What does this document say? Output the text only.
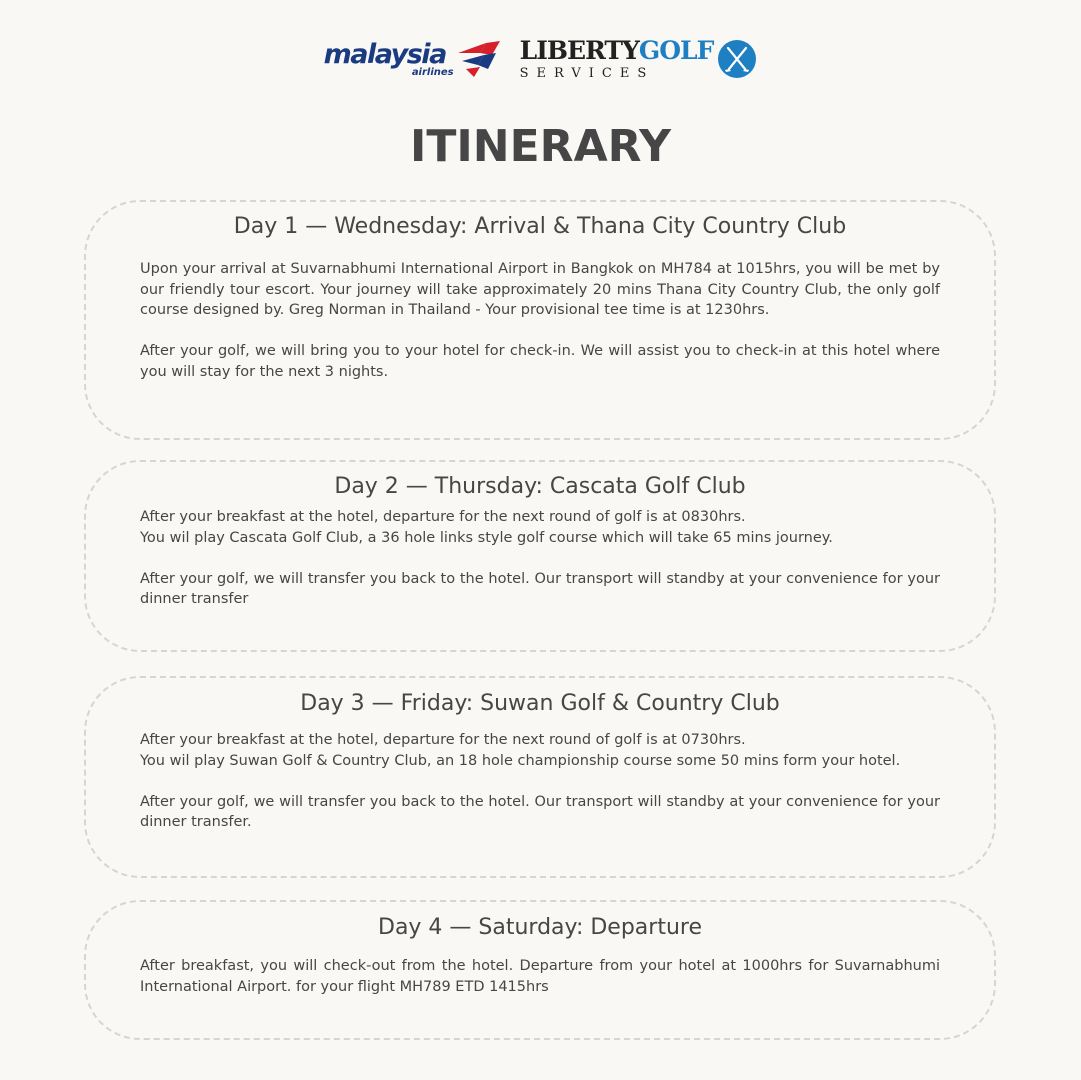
malaysia
airlines
LIBERTYGOLF
SERVICES
ITINERARY
Day 1 — Wednesday: Arrival & Thana City Country Club

Upon your arrival at Suvarnabhumi International Airport in Bangkok on MH784 at 1015hrs, you will be met by our friendly tour escort. Your journey will take approximately 20 mins Thana City Country Club, the only golf course designed by. Greg Norman in Thailand - Your provisional tee time is at 1230hrs.

After your golf, we will bring you to your hotel for check-in. We will assist you to check-in at this hotel where you will stay for the next 3 nights.

Day 2 — Thursday: Cascata Golf Club

After your breakfast at the hotel, departure for the next round of golf is at 0830hrs.

You wil play Cascata Golf Club, a 36 hole links style golf course which will take 65 mins journey.

After your golf, we will transfer you back to the hotel. Our transport will standby at your convenience for your dinner transfer

Day 3 — Friday: Suwan Golf & Country Club

After your breakfast at the hotel, departure for the next round of golf is at 0730hrs.

You wil play Suwan Golf & Country Club, an 18 hole championship course some 50 mins form your hotel.

After your golf, we will transfer you back to the hotel. Our transport will standby at your convenience for your dinner transfer.

Day 4 — Saturday: Departure

After breakfast, you will check-out from the hotel. Departure from your hotel at 1000hrs for Suvarnabhumi International Airport. for your flight MH789 ETD 1415hrs
